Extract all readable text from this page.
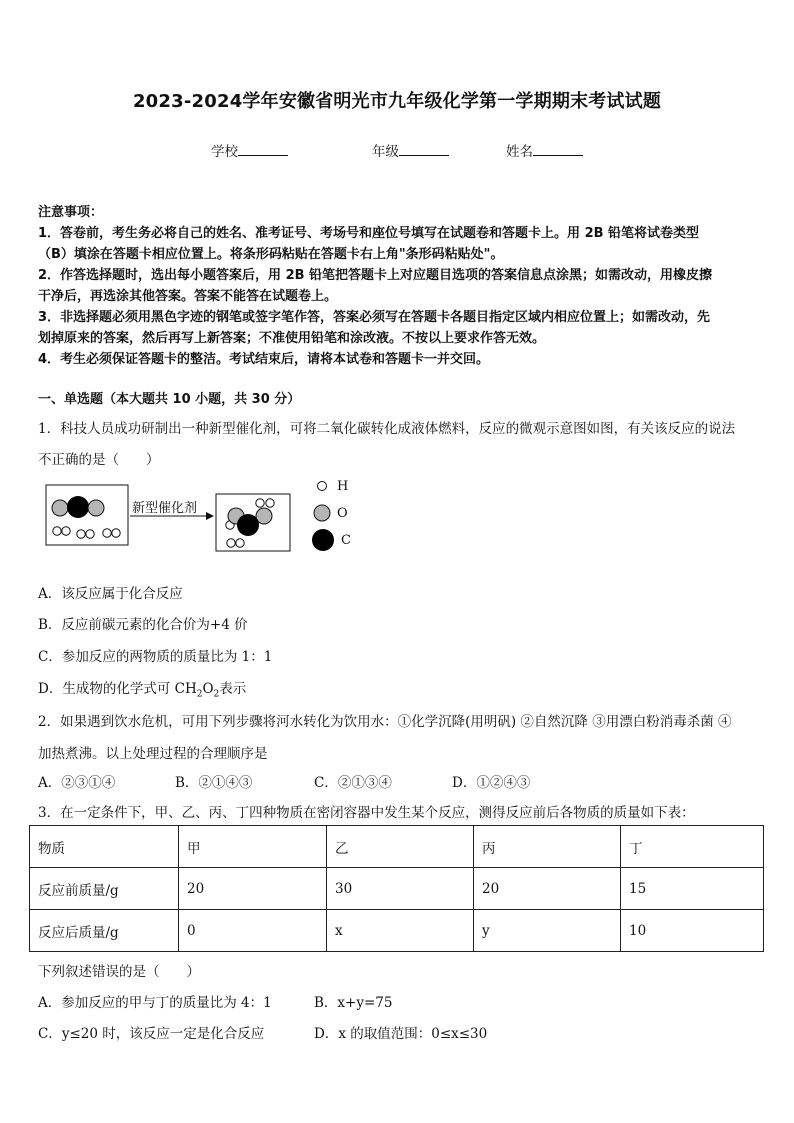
2023-2024学年安徽省明光市九年级化学第一学期期末考试试题
学校	年级	姓名

注意事项：

1．答卷前，考生务必将自己的姓名、准考证号、考场号和座位号填写在试题卷和答题卡上。用 2B 铅笔将试卷类型

（B）填涂在答题卡相应位置上。将条形码粘贴在答题卡右上角"条形码粘贴处"。

2．作答选择题时，选出每小题答案后，用 2B 铅笔把答题卡上对应题目选项的答案信息点涂黑；如需改动，用橡皮擦

干净后，再选涂其他答案。答案不能答在试题卷上。

3．非选择题必须用黑色字迹的钢笔或签字笔作答，答案必须写在答题卡各题目指定区域内相应位置上；如需改动，先

划掉原来的答案，然后再写上新答案；不准使用铅笔和涂改液。不按以上要求作答无效。

4．考生必须保证答题卡的整洁。考试结束后，请将本试卷和答题卡一并交回。

一、单选题（本大题共 10 小题，共 30 分）
1．科技人员成功研制出一种新型催化剂，可将二氧化碳转化成液体燃料，反应的微观示意图如图，有关该反应的说法
不正确的是（　　）
新型催化剂
H
O
C
A．该反应属于化合反应
B．反应前碳元素的化合价为+4 价
C．参加反应的两物质的质量比为 1：1
D．生成物的化学式可 $CH_2O_2$表示
2．如果遇到饮水危机，可用下列步骤将河水转化为饮用水：①化学沉降(用明矾) ②自然沉降 ③用漂白粉消毒杀菌 ④
加热煮沸。以上处理过程的合理顺序是
A．②③①④	B．②①④③	C．②①③④	D．①②④③
3．在一定条件下，甲、乙、丙、丁四种物质在密闭容器中发生某个反应，测得反应前后各物质的质量如下表：
物质	甲	乙	丙	丁
反应前质量/g	20	30	20	15
反应后质量/g	0	x	y	10
下列叙述错误的是（　　）
A．参加反应的甲与丁的质量比为 4：1	B．x+y=75
C．y≤20 时，该反应一定是化合反应	D．x 的取值范围：0≤x≤30
